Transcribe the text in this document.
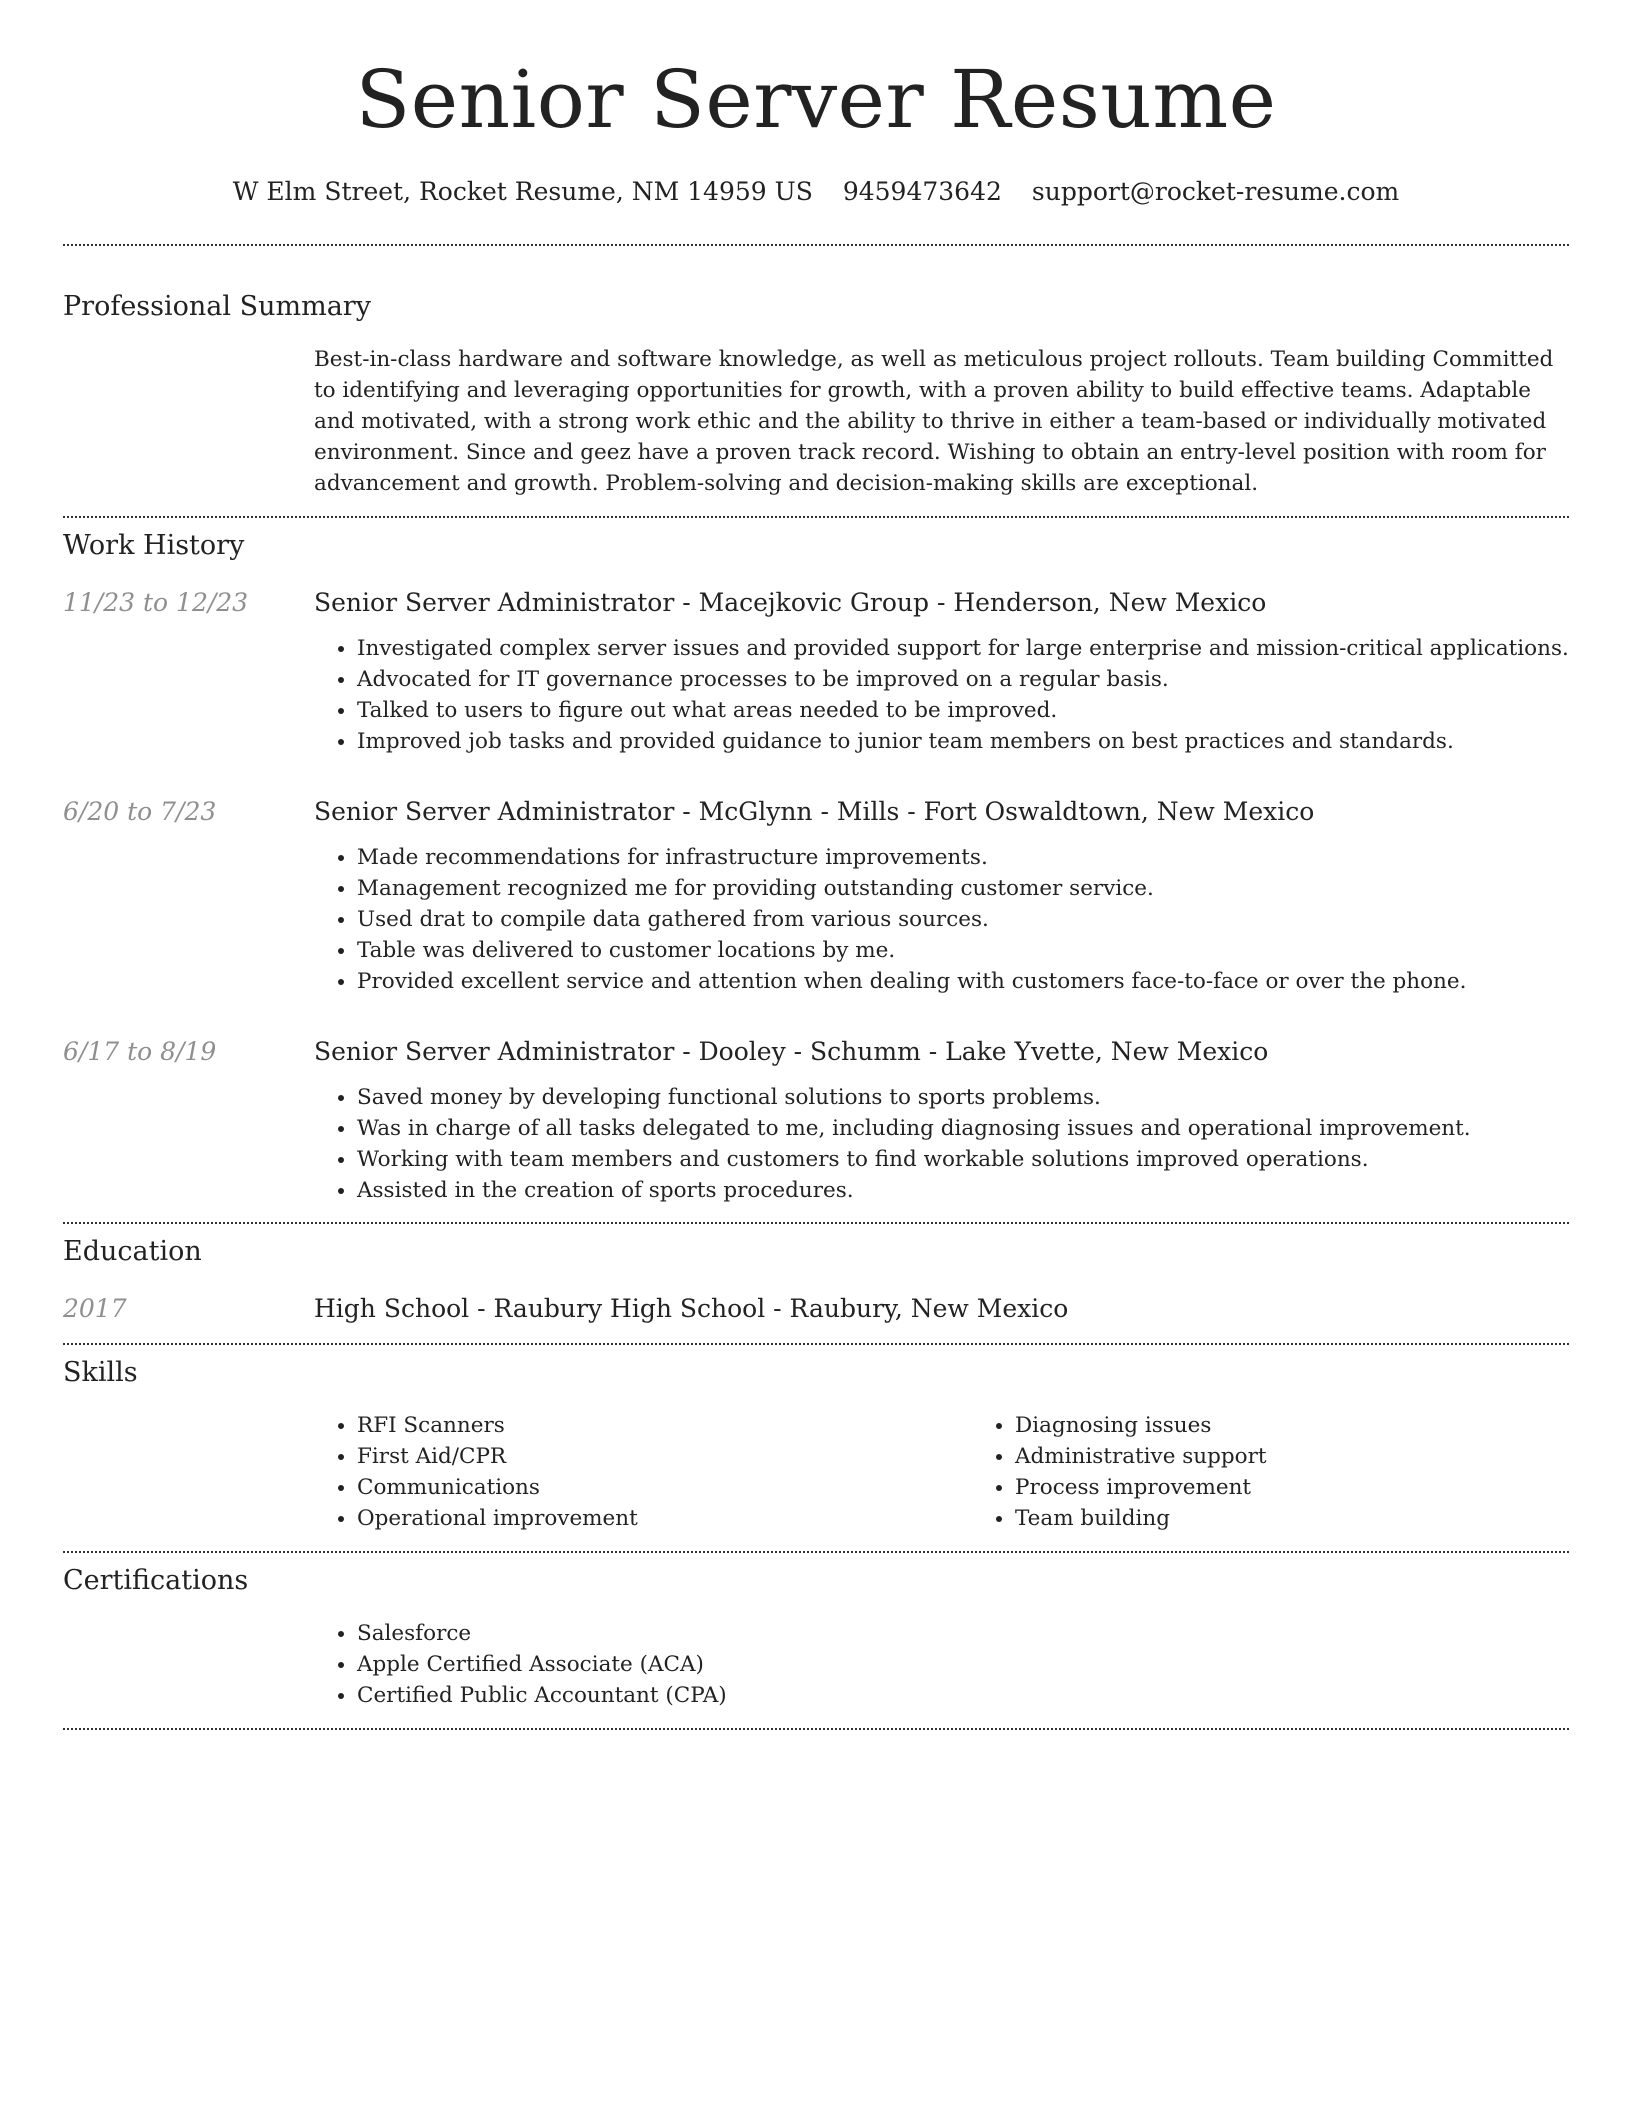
Senior Server Resume
W Elm Street, Rocket Resume, NM 14959 US 9459473642 support@rocket-resume.com
Professional Summary

Best-in-class hardware and software knowledge, as well as meticulous project rollouts. Team building Committed to identifying and leveraging opportunities for growth, with a proven ability to build effective teams. Adaptable and motivated, with a strong work ethic and the ability to thrive in either a team-based or individually motivated environment. Since and geez have a proven track record. Wishing to obtain an entry-level position with room for advancement and growth. Problem-solving and decision-making skills are exceptional.

Work History
11/23 to 12/23	Senior Server Administrator - Macejkovic Group - Henderson, New Mexico
• Investigated complex server issues and provided support for large enterprise and mission-critical applications.
• Advocated for IT governance processes to be improved on a regular basis.
• Talked to users to figure out what areas needed to be improved.
• Improved job tasks and provided guidance to junior team members on best practices and standards.
6/20 to 7/23	Senior Server Administrator - McGlynn - Mills - Fort Oswaldtown, New Mexico
• Made recommendations for infrastructure improvements.
• Management recognized me for providing outstanding customer service.
• Used drat to compile data gathered from various sources.
• Table was delivered to customer locations by me.
• Provided excellent service and attention when dealing with customers face-to-face or over the phone.
6/17 to 8/19	Senior Server Administrator - Dooley - Schumm - Lake Yvette, New Mexico
• Saved money by developing functional solutions to sports problems.
• Was in charge of all tasks delegated to me, including diagnosing issues and operational improvement.
• Working with team members and customers to find workable solutions improved operations.
• Assisted in the creation of sports procedures.
Education
2017	High School - Raubury High School - Raubury, New Mexico
Skills
• RFI Scanners
• First Aid/CPR
• Communications
• Operational improvement
• Diagnosing issues
• Administrative support
• Process improvement
• Team building
Certifications
• Salesforce
• Apple Certified Associate (ACA)
• Certified Public Accountant (CPA)
